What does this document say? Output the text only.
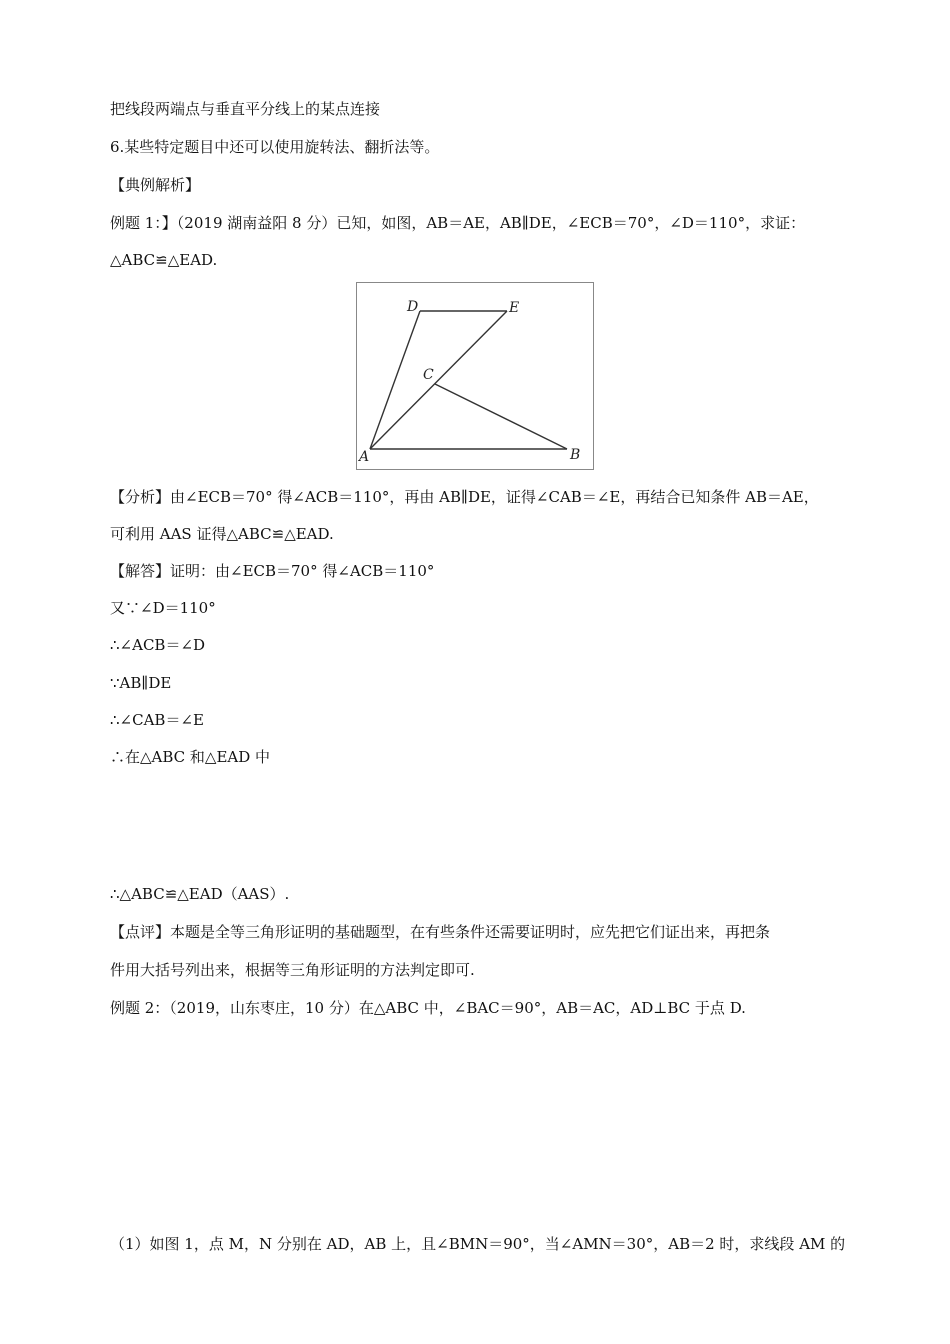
把线段两端点与垂直平分线上的某点连接
6.某些特定题目中还可以使用旋转法、翻折法等。
【典例解析】
例题 1：】（2019 湖南益阳 8 分）已知，如图，AB＝AE，AB∥DE，∠ECB＝70°，∠D＝110°，求证：
△ABC≌△EAD.
A	B
C
D	E
【分析】由∠ECB＝70° 得∠ACB＝110°，再由 AB∥DE，证得∠CAB＝∠E，再结合已知条件 AB＝AE，
可利用 AAS 证得△ABC≌△EAD.
【解答】证明：由∠ECB＝70° 得∠ACB＝110°
又∵∠D＝110°
∴∠ACB＝∠D
∵AB∥DE
∴∠CAB＝∠E
∴在△ABC 和△EAD 中
∴△ABC≌△EAD（AAS）.
【点评】本题是全等三角形证明的基础题型，在有些条件还需要证明时，应先把它们证出来，再把条
件用大括号列出来，根据等三角形证明的方法判定即可.
例题 2：（2019，山东枣庄，10 分）在△ABC 中，∠BAC＝90°，AB＝AC，AD⊥BC 于点 D.
（1）如图 1，点 M，N 分别在 AD，AB 上，且∠BMN＝90°，当∠AMN＝30°，AB＝2 时，求线段 AM 的
